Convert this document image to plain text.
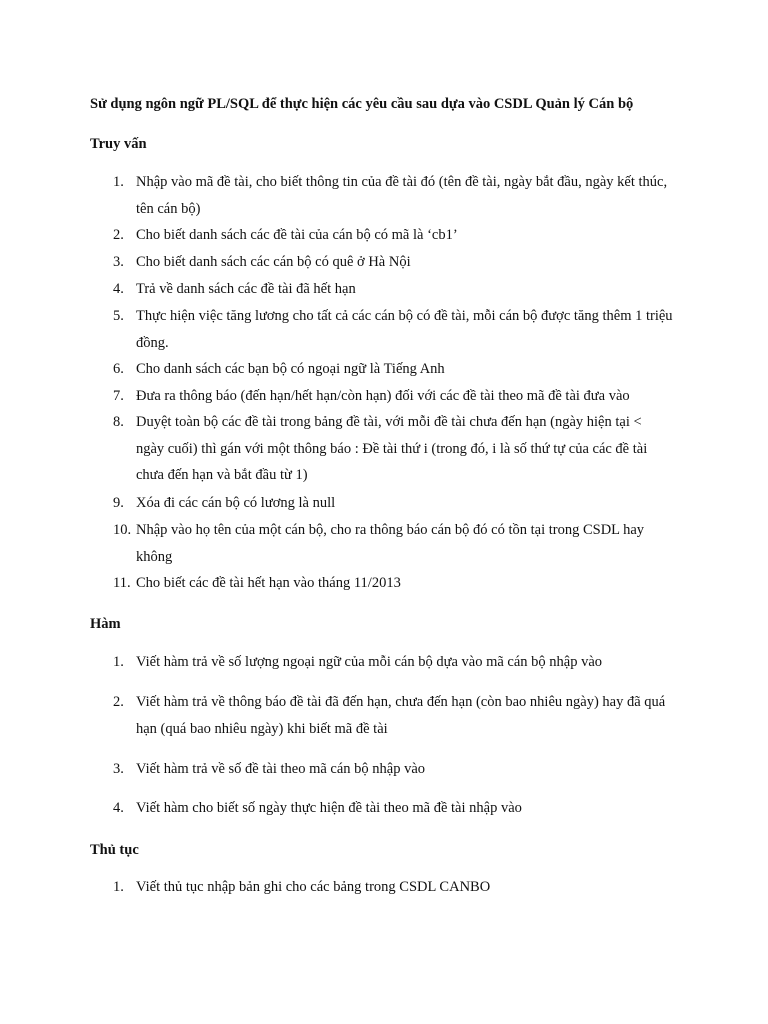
Sử dụng ngôn ngữ PL/SQL để thực hiện các yêu cầu sau dựa vào CSDL Quản lý Cán bộ
Truy vấn
1. Nhập vào mã đề tài, cho biết thông tin của đề tài đó (tên đề tài, ngày bắt đầu, ngày kết thúc, tên cán bộ)
2. Cho biết danh sách các đề tài của cán bộ có mã là ‘cb1’
3. Cho biết danh sách các cán bộ có quê ở Hà Nội
4. Trả về danh sách các đề tài đã hết hạn
5. Thực hiện việc tăng lương cho tất cả các cán bộ có đề tài, mỗi cán bộ được tăng thêm 1 triệu đồng.
6. Cho danh sách các bạn bộ có ngoại ngữ là Tiếng Anh
7. Đưa ra thông báo (đến hạn/hết hạn/còn hạn) đối với các đề tài theo mã đề tài đưa vào
8. Duyệt toàn bộ các đề tài trong bảng đề tài, với mỗi đề tài chưa đến hạn (ngày hiện tại < ngày cuối) thì gán với một thông báo : Đề tài thứ i (trong đó, i là số thứ tự của các đề tài chưa đến hạn và bắt đầu từ 1)
9. Xóa đi các cán bộ có lương là null
10. Nhập vào họ tên của một cán bộ, cho ra thông báo cán bộ đó có tồn tại trong CSDL hay không
11. Cho biết các đề tài hết hạn vào tháng 11/2013
Hàm
1. Viết hàm trả về số lượng ngoại ngữ của mỗi cán bộ dựa vào mã cán bộ nhập vào
2. Viết hàm trả về thông báo đề tài đã đến hạn, chưa đến hạn (còn bao nhiêu ngày) hay đã quá hạn (quá bao nhiêu ngày) khi biết mã đề tài
3. Viết hàm trả về số đề tài theo mã cán bộ nhập vào
4. Viết hàm cho biết số ngày thực hiện đề tài theo mã đề tài nhập vào
Thủ tục
1. Viết thủ tục nhập bản ghi cho các bảng trong CSDL CANBO
